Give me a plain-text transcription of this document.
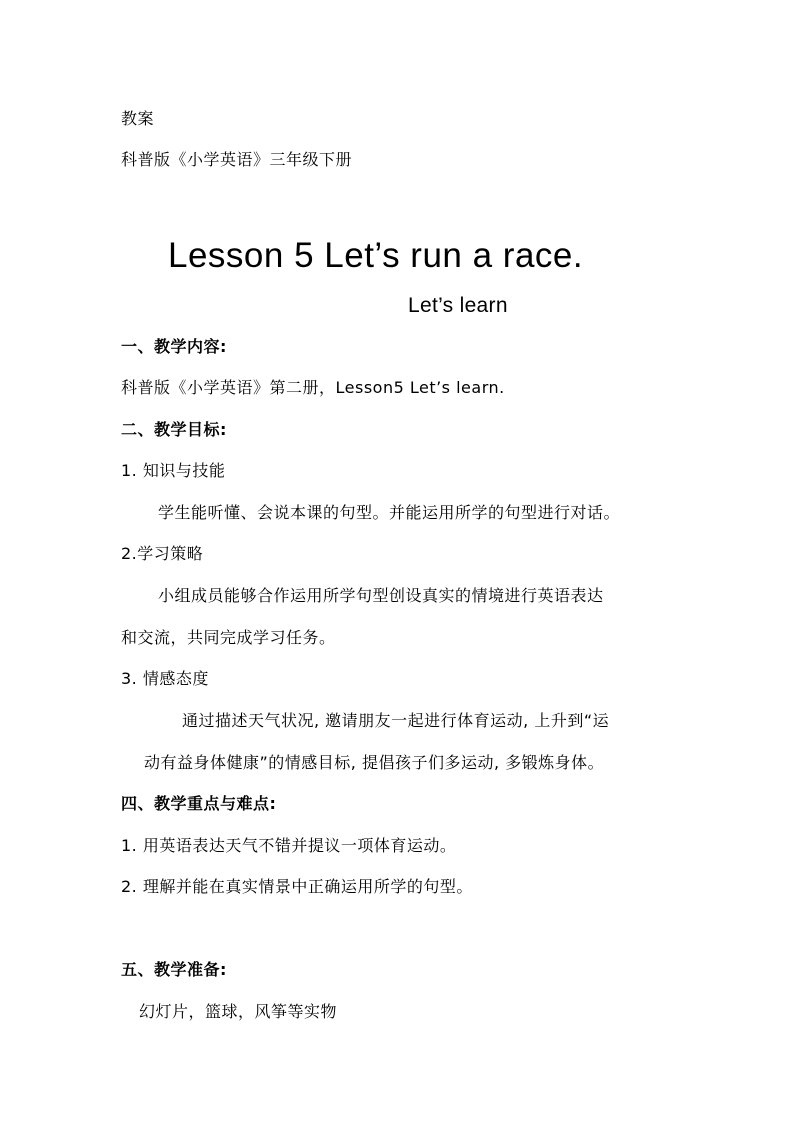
教案
科普版《小学英语》三年级下册
Lesson 5 Let’s run a race.
Let’s learn
一、教学内容:
科普版《小学英语》第二册，Lesson5 Let’s learn.
二、教学目标:
1. 知识与技能
学生能听懂、会说本课的句型。并能运用所学的句型进行对话。
2.学习策略
小组成员能够合作运用所学句型创设真实的情境进行英语表达
和交流，共同完成学习任务。
3. 情感态度
通过描述天气状况, 邀请朋友一起进行体育运动, 上升到“运
动有益身体健康”的情感目标, 提倡孩子们多运动, 多锻炼身体。
四、教学重点与难点:
1. 用英语表达天气不错并提议一项体育运动。
2. 理解并能在真实情景中正确运用所学的句型。
五、教学准备:
幻灯片，篮球，风筝等实物
